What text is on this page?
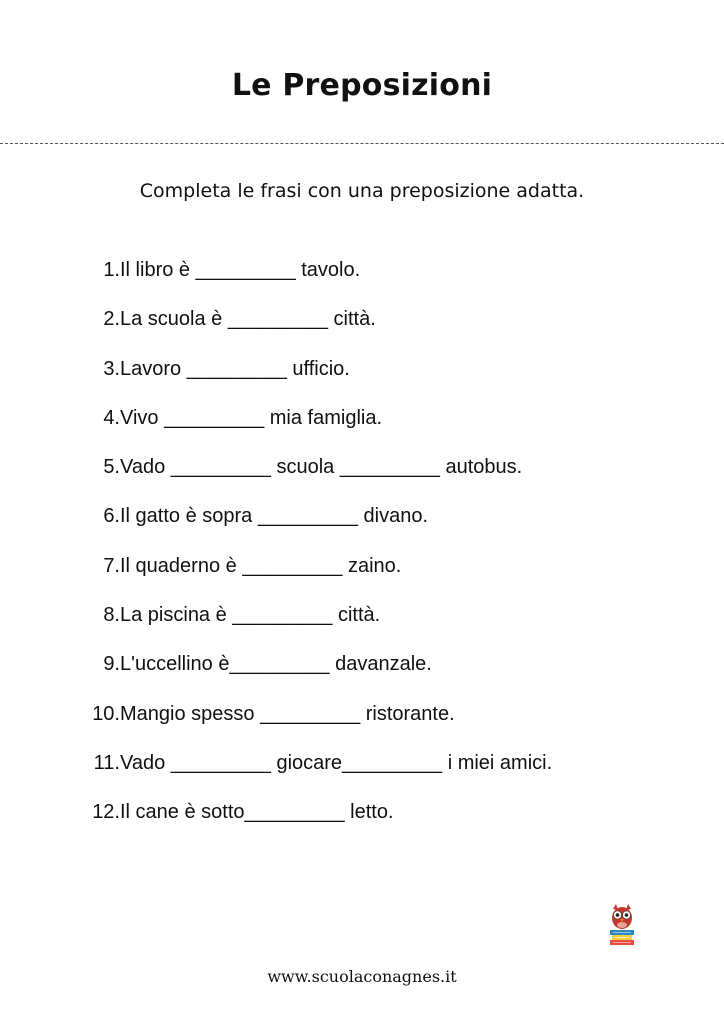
Le Preposizioni
Completa le frasi con una preposizione adatta.
1. Il libro è _________ tavolo.
2. La scuola è _________ città.
3. Lavoro _________ ufficio.
4. Vivo _________ mia famiglia.
5. Vado _________ scuola _________ autobus.
6. Il gatto è sopra _________ divano.
7. Il quaderno è _________ zaino.
8. La piscina è _________ città.
9. L'uccellino è_________ davanzale.
10. Mangio spesso _________ ristorante.
11. Vado _________ giocare_________ i miei amici.
12. Il cane è sotto_________ letto.
www.scuolaconagnes.it
